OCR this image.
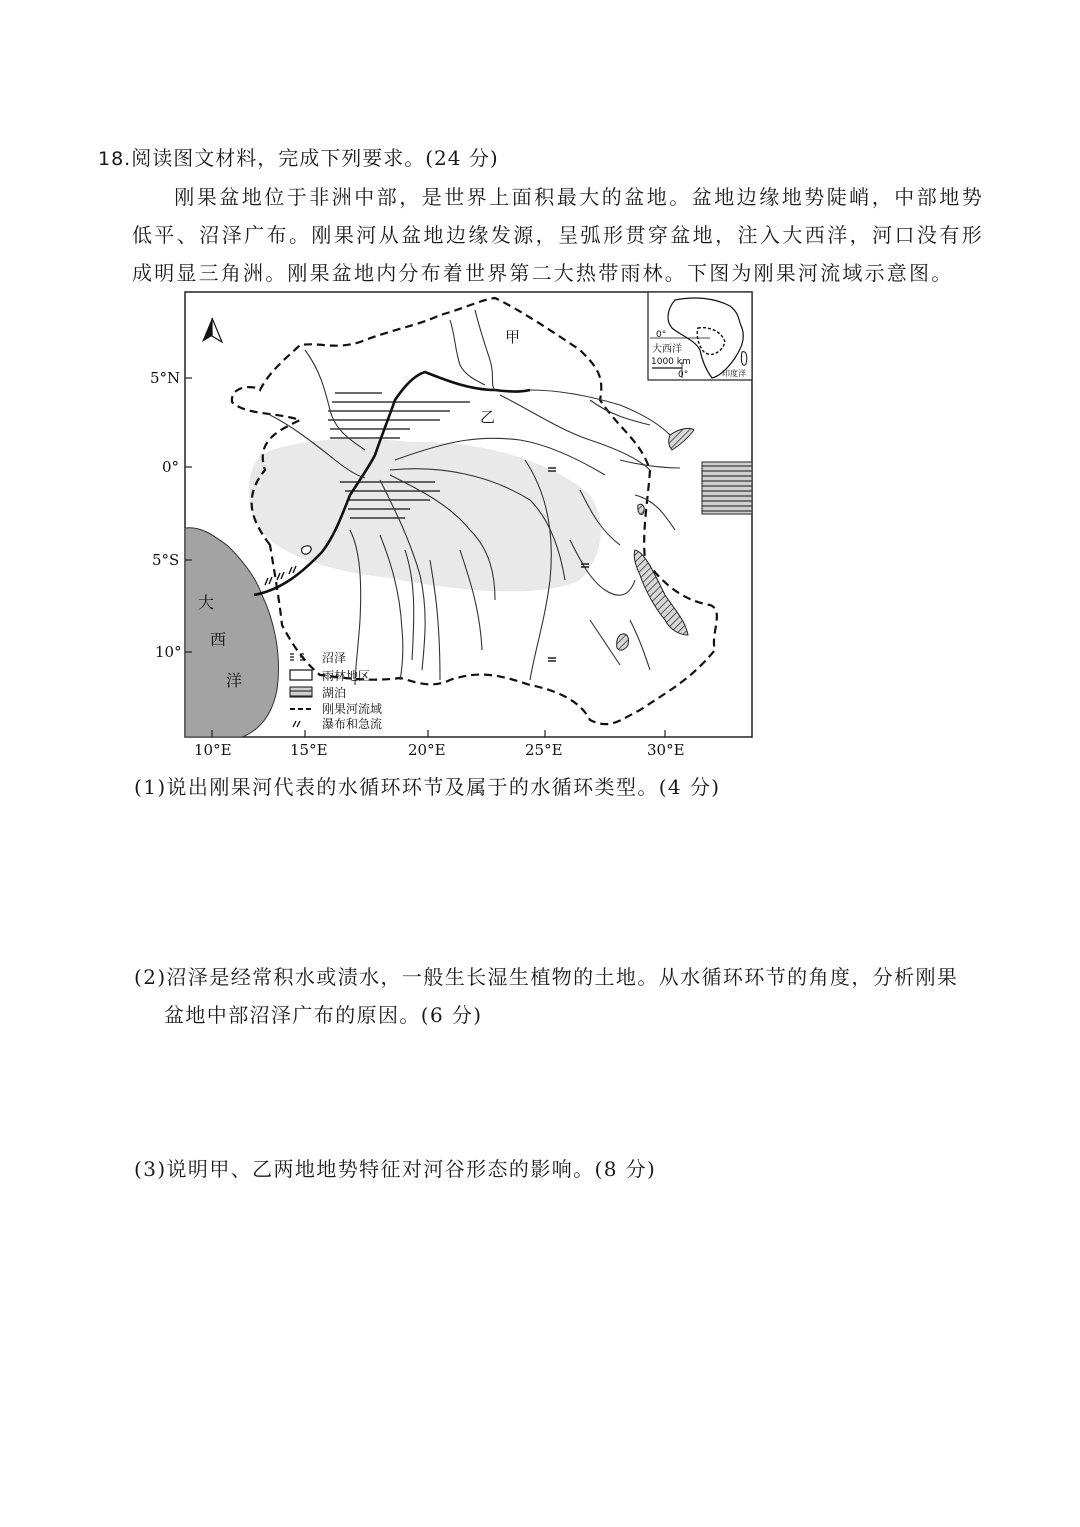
18.阅读图文材料，完成下列要求。(24 分)
刚果盆地位于非洲中部，是世界上面积最大的盆地。盆地边缘地势陡峭，中部地势低平、沼泽广布。刚果河从盆地边缘发源，呈弧形贯穿盆地，注入大西洋，河口没有形成明显三角洲。刚果盆地内分布着世界第二大热带雨林。下图为刚果河流域示意图。
0°
大西洋
1000 km
0°	印度洋
5°N
0°
5°S
10°
10°E	15°E	20°E	25°E	30°E
甲
乙
大
西
洋
沼泽
雨林地区
湖泊
刚果河流域
瀑布和急流
(1)说出刚果河代表的水循环环节及属于的水循环类型。(4 分)
(2)沼泽是经常积水或渍水，一般生长湿生植物的土地。从水循环环节的角度，分析刚果
盆地中部沼泽广布的原因。(6 分)
(3)说明甲、乙两地地势特征对河谷形态的影响。(8 分)
